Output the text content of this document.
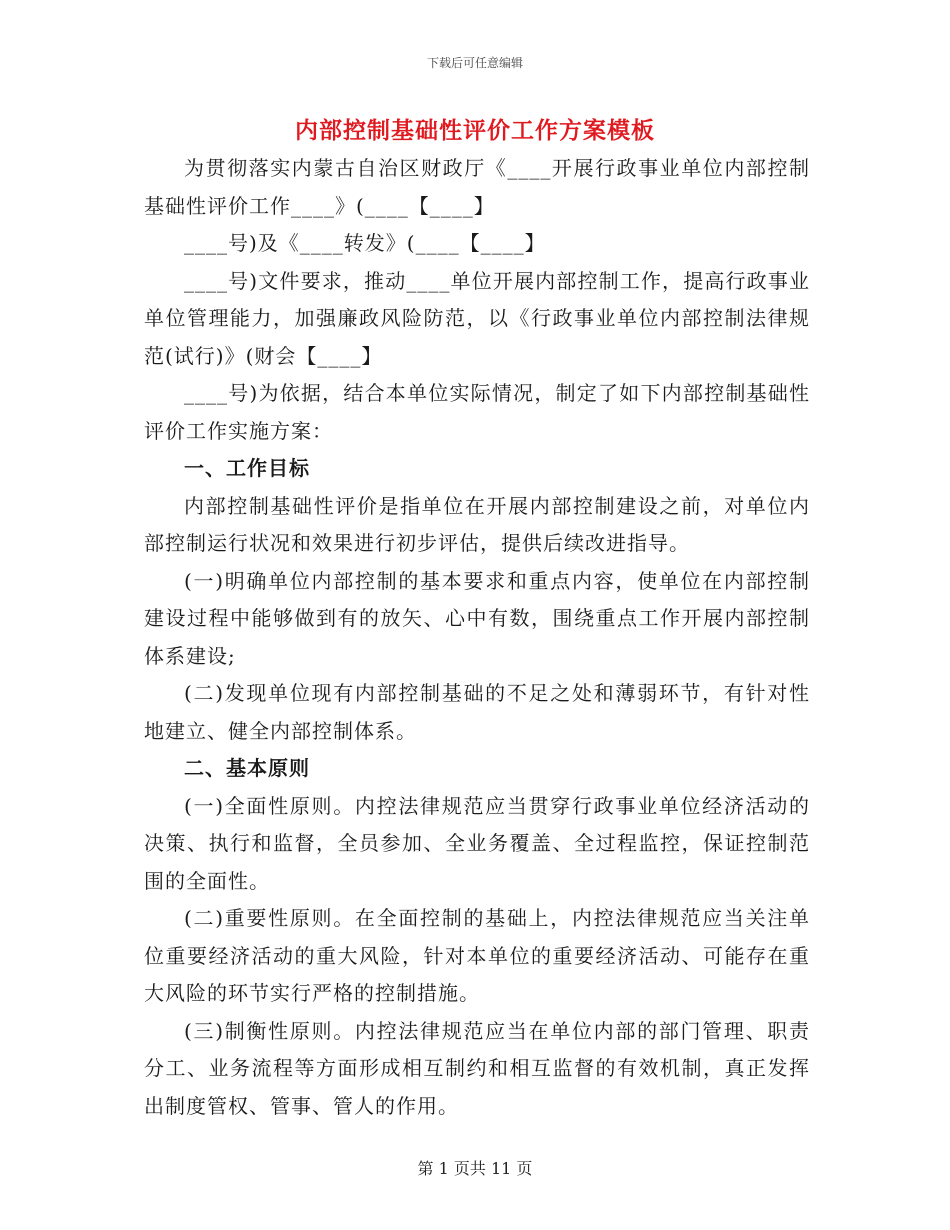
下载后可任意编辑
内部控制基础性评价工作方案模板

为贯彻落实内蒙古自治区财政厅《____开展行政事业单位内部控制基础性评价工作____》(____【____】

____号)及《____转发》(____【____】

____号)文件要求，推动____单位开展内部控制工作，提高行政事业单位管理能力，加强廉政风险防范，以《行政事业单位内部控制法律规范(试行)》(财会【____】

____号)为依据，结合本单位实际情况，制定了如下内部控制基础性评价工作实施方案：

一、工作目标

内部控制基础性评价是指单位在开展内部控制建设之前，对单位内部控制运行状况和效果进行初步评估，提供后续改进指导。

(一)明确单位内部控制的基本要求和重点内容，使单位在内部控制建设过程中能够做到有的放矢、心中有数，围绕重点工作开展内部控制体系建设;

(二)发现单位现有内部控制基础的不足之处和薄弱环节，有针对性地建立、健全内部控制体系。

二、基本原则

(一)全面性原则。内控法律规范应当贯穿行政事业单位经济活动的决策、执行和监督，全员参加、全业务覆盖、全过程监控，保证控制范围的全面性。

(二)重要性原则。在全面控制的基础上，内控法律规范应当关注单位重要经济活动的重大风险，针对本单位的重要经济活动、可能存在重大风险的环节实行严格的控制措施。

(三)制衡性原则。内控法律规范应当在单位内部的部门管理、职责分工、业务流程等方面形成相互制约和相互监督的有效机制，真正发挥出制度管权、管事、管人的作用。

第 1 页共 11 页
